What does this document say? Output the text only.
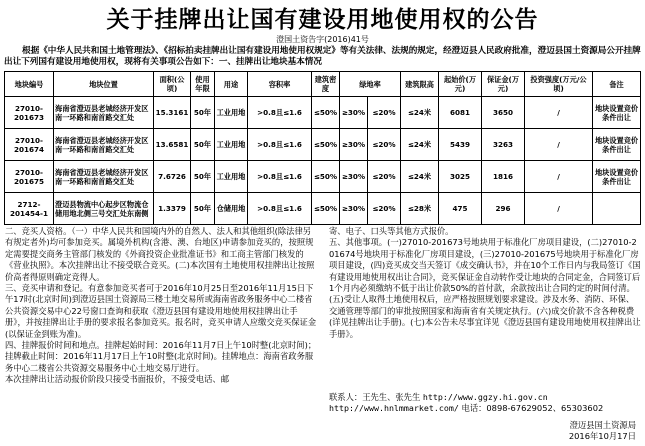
关于挂牌出让国有建设用地使用权的公告
澄国土资告字(2016)41号
根据《中华人民共和国土地管理法》、《招标拍卖挂牌出让国有建设用地使用权规定》等有关法律、法规的规定，经澄迈县人民政府批准，澄迈县国土资源局公开挂牌出让下列国有建设用地使用权，现将有关事项公告如下：一、挂牌出让地块基本情况
地块编号	地块位置	面积(公顷)	使用年限	用途	容积率	建筑密度	绿地率		建筑限高	起始价(万元)	保证金(万元)	投资强度(万元/公顷)	备注
27010-201673	海南省澄迈县老城经济开发区南一环路和南首路交汇处	15.3161	50年	工业用地	>0.8且≤1.6	≤50%	≥30%	≤20%	≤24米	6081	3650	/	地块设置竞价条件出让
27010-201674	海南省澄迈县老城经济开发区南一环路和南首路交汇处	13.6581	50年	工业用地	>0.8且≤1.6	≤50%	≥30%	≤20%	≤24米	5439	3263	/	地块设置竞价条件出让
27010-201675	海南省澄迈县老城经济开发区南一环路和南首路交汇处	7.6726	50年	工业用地	>0.8且≤1.6	≤50%	≥30%	≤20%	≤24米	3025	1816	/	地块设置竞价条件出让
2712-201454-1	澄迈县物流中心起步区物流仓储用地北侧三号交汇处东南侧	1.3379	50年	仓储用地	>0.8且≤1.6	≤50%	≥30%	≤20%	≤28米	475	296	/	

二、竞买人资格。（一）中华人民共和国境内外的自然人、法人和其他组织(除法律另有规定者外)均可参加竞买。属境外机构(含港、澳、台地区)申请参加竞买的，按照规定需要提交商务主管部门核发的《外商投资企业批准证书》和工商主管部门核发的《营业执照》。本次挂牌出让不接受联合竞买。(二)本次国有土地使用权挂牌出让按照价高者得原则确定竞得人。

三、竞买申请和登记。有意参加竞买者可于2016年10月25日至2016年11月15日下午17时(北京时间)到澄迈县国土资源局三楼土地交易所或海南省政务服务中心二楼省公共资源交易中心22号窗口查询和获取《澄迈县国有建设用地使用权挂牌出让手册》，并按挂牌出让手册的要求报名参加竞买。报名时，竞买申请人应缴交竞买保证金(以保证金到账为准)。

四、挂牌报价时间和地点。挂牌起始时间：2016年11月7日上午10时整(北京时间)；挂牌截止时间：2016年11月17日上午10时整(北京时间)。挂牌地点：海南省政务服务中心二楼省公共资源交易服务中心土地交易厅进行。

本次挂牌出让活动报价阶段只接受书面报价，不接受电话、邮

寄、电子、口头等其他方式报价。

五、其他事项。(一)27010-201673号地块用于标准化厂房项目建设，(二)27010-201674号地块用于标准化厂房项目建设，(三)27010-201675号地块用于标准化厂房项目建设，(四)竞买成交当天签订《成交确认书》，并在10个工作日内与我局签订《国有建设用地使用权出让合同》，竞买保证金自动转作受让地块的合同定金，合同签订后1个月内必须缴纳不低于出让价款50%的首付款，余款按出让合同约定的时间付清。(五)受让人取得土地使用权后，应严格按照规划要求建设。涉及水务、消防、环保、交通管理等部门的审批按照国家和海南省有关规定执行。(六)成交价款不含各种税费(详见挂牌出让手册)。(七)本公告未尽事宜详见《澄迈县国有建设用地使用权挂牌出让手册》。

联系人：王先生、张先生 http://www.ggzy.hi.gov.cn
http://www.hnlmmarket.com/ 电话：0898-67629052、65303602
澄迈县国土资源局
2016年10月17日
